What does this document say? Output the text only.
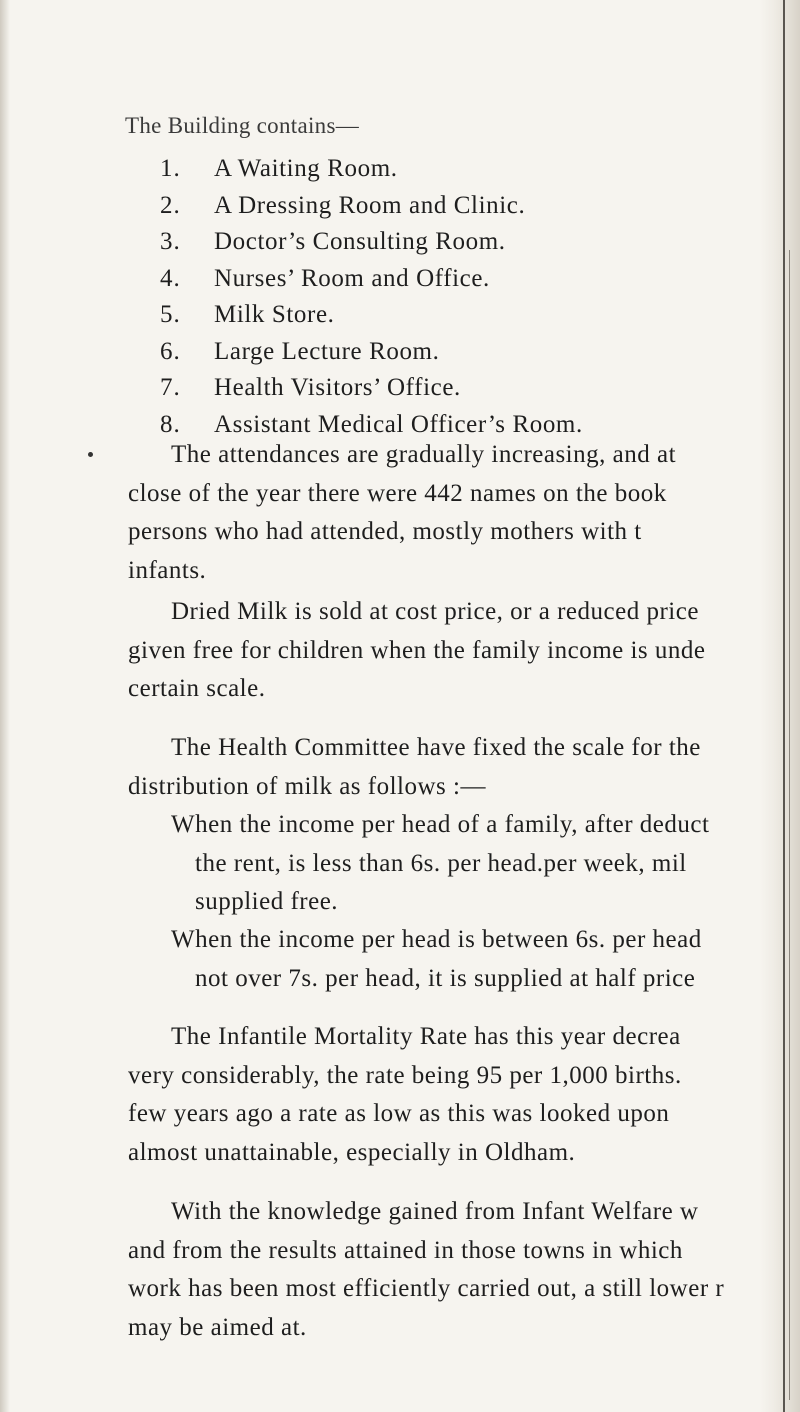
The Building contains—
1. A Waiting Room.
2. A Dressing Room and Clinic.
3. Doctor’s Consulting Room.
4. Nurses’ Room and Office.
5. Milk Store.
6. Large Lecture Room.
7. Health Visitors’ Office.
8. Assistant Medical Officer’s Room.
The attendances are gradually increasing, and at
close of the year there were 442 names on the book
persons who had attended, mostly mothers with t
infants.
Dried Milk is sold at cost price, or a reduced price
given free for children when the family income is unde
certain scale.
The Health Committee have fixed the scale for the
distribution of milk as follows :—
When the income per head of a family, after deduct
the rent, is less than 6s. per head.per week, mil
supplied free.
When the income per head is between 6s. per head
not over 7s. per head, it is supplied at half price
The Infantile Mortality Rate has this year decrea
very considerably, the rate being 95 per 1,000 births.
few years ago a rate as low as this was looked upon
almost unattainable, especially in Oldham.
With the knowledge gained from Infant Welfare w
and from the results attained in those towns in which
work has been most efficiently carried out, a still lower r
may be aimed at.
